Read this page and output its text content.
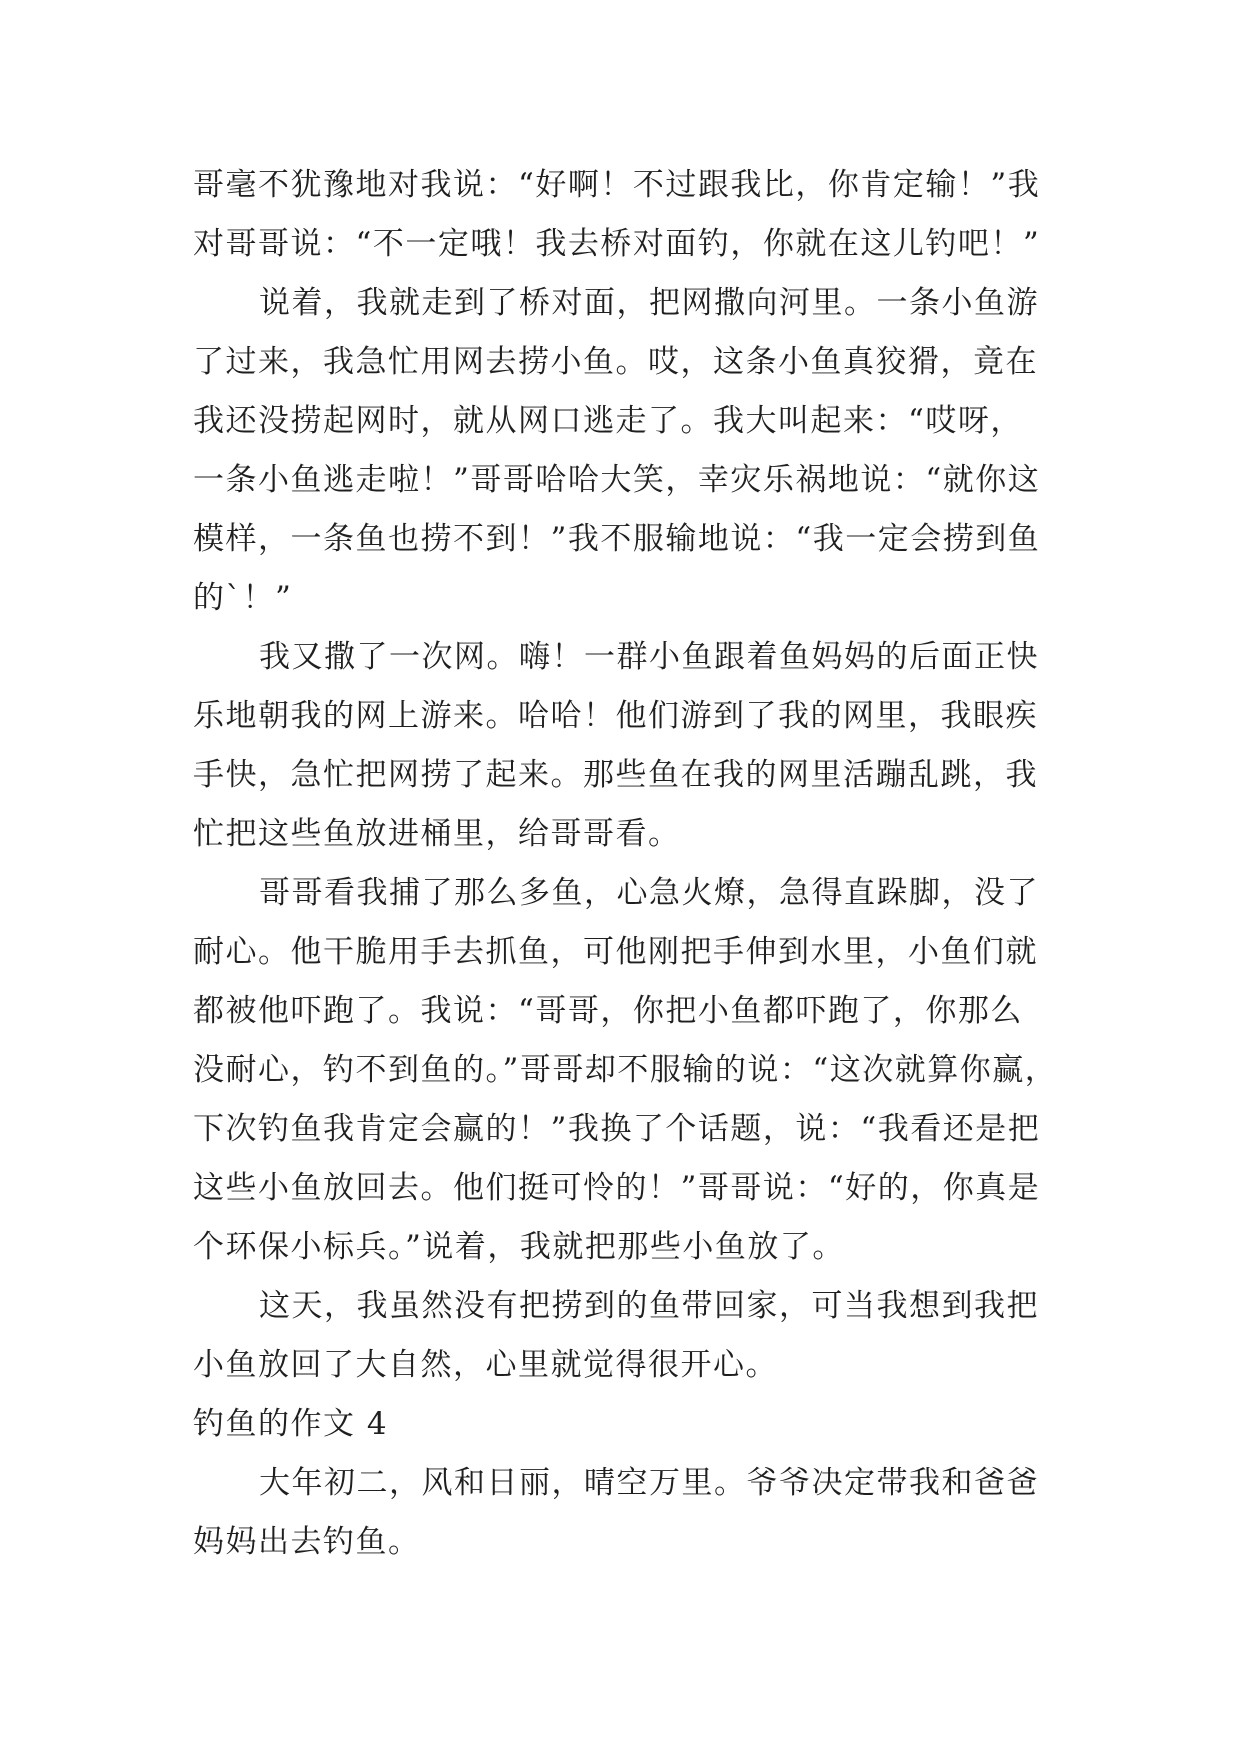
哥毫不犹豫地对我说：“好啊！不过跟我比，你肯定输！”我
对哥哥说：“不一定哦！我去桥对面钓，你就在这儿钓吧！”
说着，我就走到了桥对面，把网撒向河里。一条小鱼游
了过来，我急忙用网去捞小鱼。哎，这条小鱼真狡猾，竟在
我还没捞起网时，就从网口逃走了。我大叫起来：“哎呀，
一条小鱼逃走啦！”哥哥哈哈大笑，幸灾乐祸地说：“就你这
模样，一条鱼也捞不到！”我不服输地说：“我一定会捞到鱼
的`！”
我又撒了一次网。嗨！一群小鱼跟着鱼妈妈的后面正快
乐地朝我的网上游来。哈哈！他们游到了我的网里，我眼疾
手快，急忙把网捞了起来。那些鱼在我的网里活蹦乱跳，我
忙把这些鱼放进桶里，给哥哥看。
哥哥看我捕了那么多鱼，心急火燎，急得直跺脚，没了
耐心。他干脆用手去抓鱼，可他刚把手伸到水里，小鱼们就
都被他吓跑了。我说：“哥哥，你把小鱼都吓跑了，你那么
没耐心，钓不到鱼的。”哥哥却不服输的说：“这次就算你赢，
下次钓鱼我肯定会赢的！”我换了个话题，说：“我看还是把
这些小鱼放回去。他们挺可怜的！”哥哥说：“好的，你真是
个环保小标兵。”说着，我就把那些小鱼放了。
这天，我虽然没有把捞到的鱼带回家，可当我想到我把
小鱼放回了大自然，心里就觉得很开心。
钓鱼的作文 4
大年初二，风和日丽，晴空万里。爷爷决定带我和爸爸
妈妈出去钓鱼。
